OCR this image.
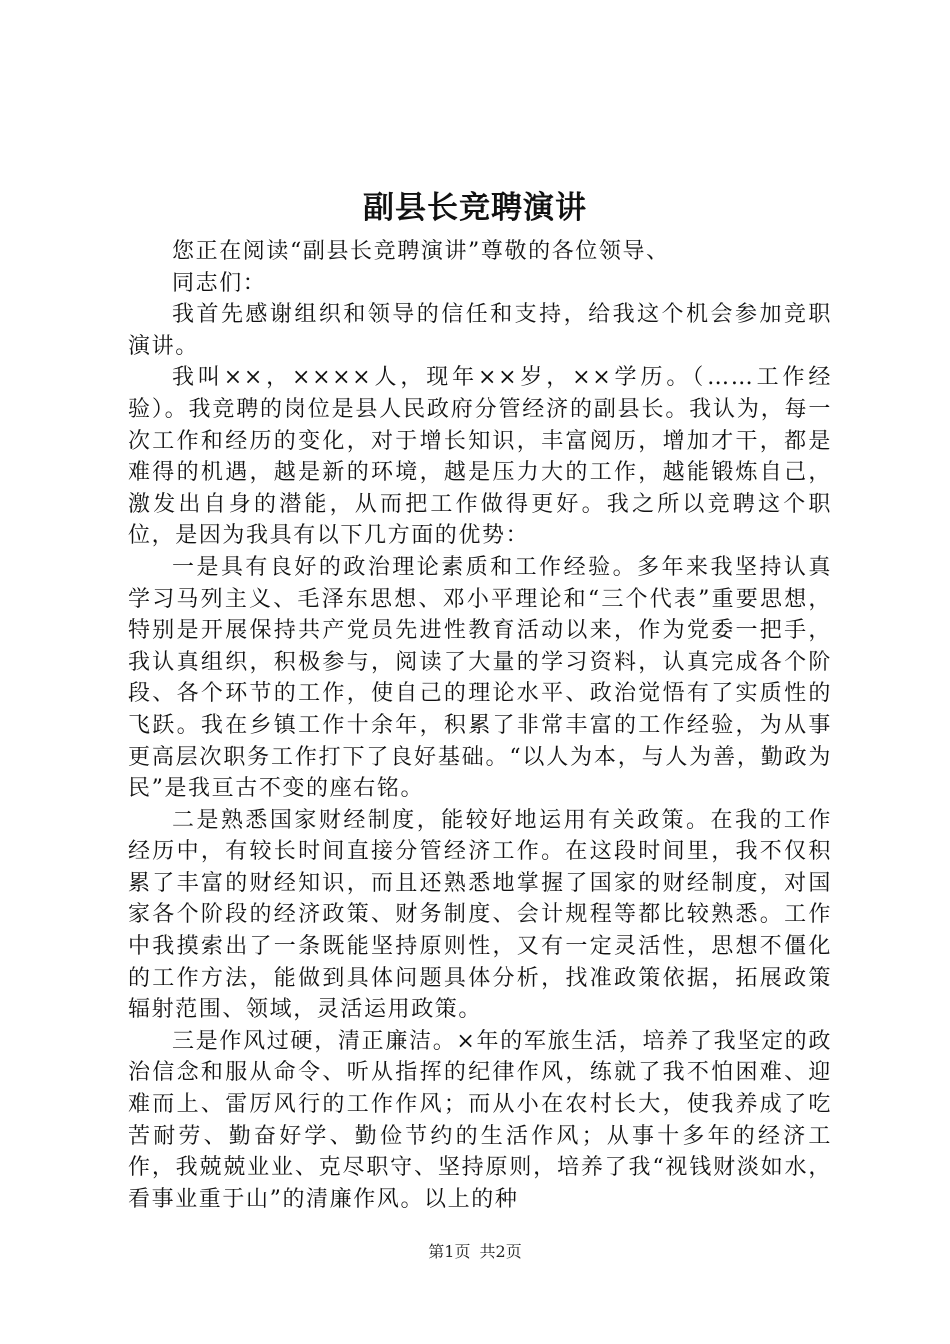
副县长竞聘演讲

您正在阅读“副县长竞聘演讲”尊敬的各位领导、

同志们：

我首先感谢组织和领导的信任和支持，给我这个机会参加竞职演讲。

我叫××，××××人，现年××岁，××学历。（……工作经验）。我竞聘的岗位是县人民政府分管经济的副县长。我认为，每一次工作和经历的变化，对于增长知识，丰富阅历，增加才干，都是难得的机遇，越是新的环境，越是压力大的工作，越能锻炼自己，激发出自身的潜能，从而把工作做得更好。我之所以竞聘这个职位，是因为我具有以下几方面的优势：

一是具有良好的政治理论素质和工作经验。多年来我坚持认真学习马列主义、毛泽东思想、邓小平理论和“三个代表”重要思想，特别是开展保持共产党员先进性教育活动以来，作为党委一把手，我认真组织，积极参与，阅读了大量的学习资料，认真完成各个阶段、各个环节的工作，使自己的理论水平、政治觉悟有了实质性的飞跃。我在乡镇工作十余年，积累了非常丰富的工作经验，为从事更高层次职务工作打下了良好基础。“以人为本，与人为善，勤政为民”是我亘古不变的座右铭。

二是熟悉国家财经制度，能较好地运用有关政策。在我的工作经历中，有较长时间直接分管经济工作。在这段时间里，我不仅积累了丰富的财经知识，而且还熟悉地掌握了国家的财经制度，对国家各个阶段的经济政策、财务制度、会计规程等都比较熟悉。工作中我摸索出了一条既能坚持原则性，又有一定灵活性，思想不僵化的工作方法，能做到具体问题具体分析，找准政策依据，拓展政策辐射范围、领域，灵活运用政策。

三是作风过硬，清正廉洁。×年的军旅生活，培养了我坚定的政治信念和服从命令、听从指挥的纪律作风，练就了我不怕困难、迎难而上、雷厉风行的工作作风；而从小在农村长大，使我养成了吃苦耐劳、勤奋好学、勤俭节约的生活作风；从事十多年的经济工作，我兢兢业业、克尽职守、坚持原则，培养了我“视钱财淡如水，看事业重于山”的清廉作风。以上的种

第1页 共2页
